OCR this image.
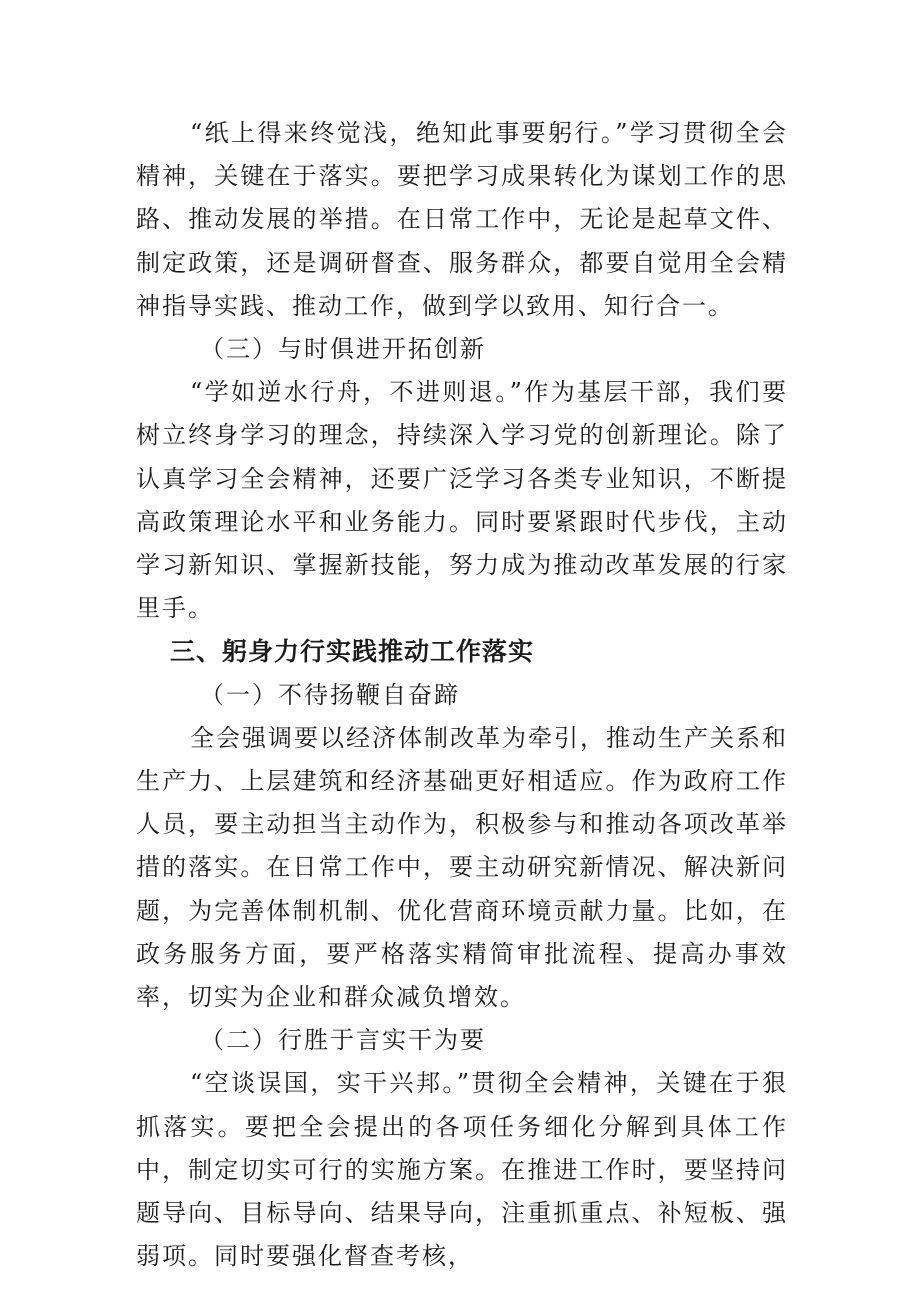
“纸上得来终觉浅，绝知此事要躬行。”学习贯彻全会精神，关键在于落实。要把学习成果转化为谋划工作的思路、推动发展的举措。在日常工作中，无论是起草文件、制定政策，还是调研督查、服务群众，都要自觉用全会精神指导实践、推动工作，做到学以致用、知行合一。

（三）与时俱进开拓创新

“学如逆水行舟，不进则退。”作为基层干部，我们要树立终身学习的理念，持续深入学习党的创新理论。除了认真学习全会精神，还要广泛学习各类专业知识，不断提高政策理论水平和业务能力。同时要紧跟时代步伐，主动学习新知识、掌握新技能，努力成为推动改革发展的行家里手。

三、躬身力行实践推动工作落实

（一）不待扬鞭自奋蹄

全会强调要以经济体制改革为牵引，推动生产关系和生产力、上层建筑和经济基础更好相适应。作为政府工作人员，要主动担当主动作为，积极参与和推动各项改革举措的落实。在日常工作中，要主动研究新情况、解决新问题，为完善体制机制、优化营商环境贡献力量。比如，在政务服务方面，要严格落实精简审批流程、提高办事效率，切实为企业和群众减负增效。

（二）行胜于言实干为要

“空谈误国，实干兴邦。”贯彻全会精神，关键在于狠抓落实。要把全会提出的各项任务细化分解到具体工作中，制定切实可行的实施方案。在推进工作时，要坚持问题导向、目标导向、结果导向，注重抓重点、补短板、强弱项。同时要强化督查考核，
